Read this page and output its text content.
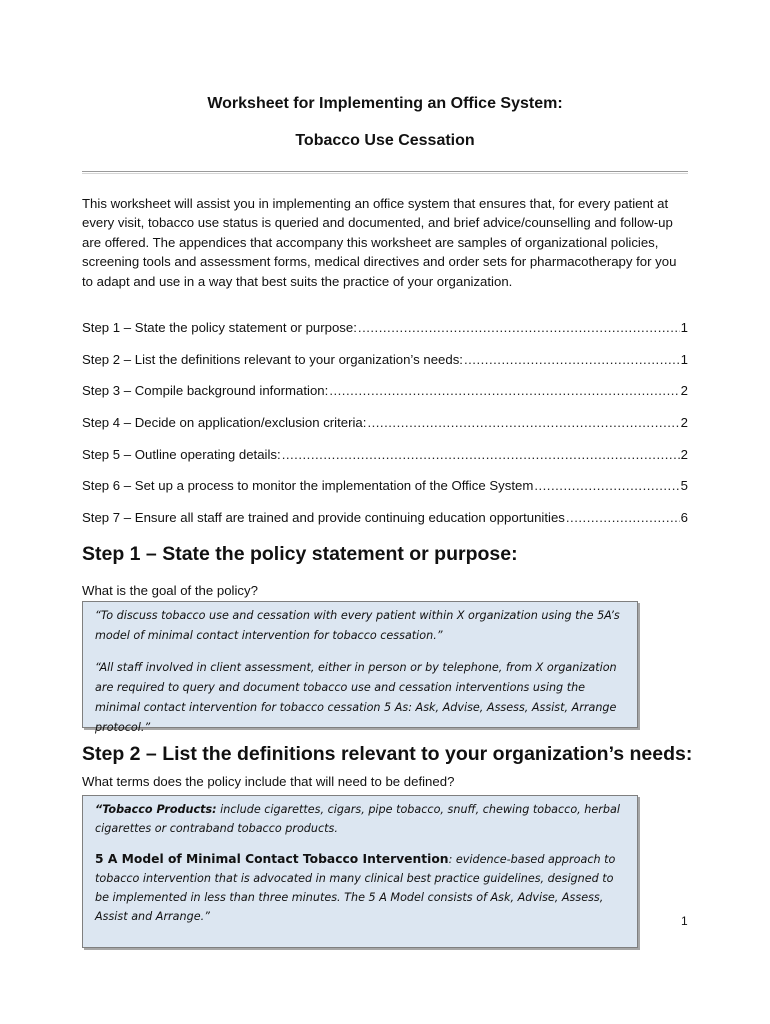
Worksheet for Implementing an Office System:
Tobacco Use Cessation
This worksheet will assist you in implementing an office system that ensures that, for every patient at every visit, tobacco use status is queried and documented, and brief advice/counselling and follow-up are offered. The appendices that accompany this worksheet are samples of organizational policies, screening tools and assessment forms, medical directives and order sets for pharmacotherapy for you to adapt and use in a way that best suits the practice of your organization.
Step 1 – State the policy statement or purpose: .....	1
Step 2 – List the definitions relevant to your organization’s needs: .....	1
Step 3 – Compile background information: .....	2
Step 4 – Decide on application/exclusion criteria: .....	2
Step 5 – Outline operating details: .....	2
Step 6 – Set up a process to monitor the implementation of the Office System .....	5
Step 7 – Ensure all staff are trained and provide continuing education opportunities .....	6
Step 1 – State the policy statement or purpose:
What is the goal of the policy?

“To discuss tobacco use and cessation with every patient within X organization using the 5A’s model of minimal contact intervention for tobacco cessation.”

“All staff involved in client assessment, either in person or by telephone, from X organization are required to query and document tobacco use and cessation interventions using the minimal contact intervention for tobacco cessation 5 As: Ask, Advise, Assess, Assist, Arrange protocol.”

Step 2 – List the definitions relevant to your organization’s needs:
What terms does the policy include that will need to be defined?

“Tobacco Products: include cigarettes, cigars, pipe tobacco, snuff, chewing tobacco, herbal cigarettes or contraband tobacco products.

5 A Model of Minimal Contact Tobacco Intervention: evidence-based approach to tobacco intervention that is advocated in many clinical best practice guidelines, designed to be implemented in less than three minutes. The 5 A Model consists of Ask, Advise, Assess, Assist and Arrange.”	1
